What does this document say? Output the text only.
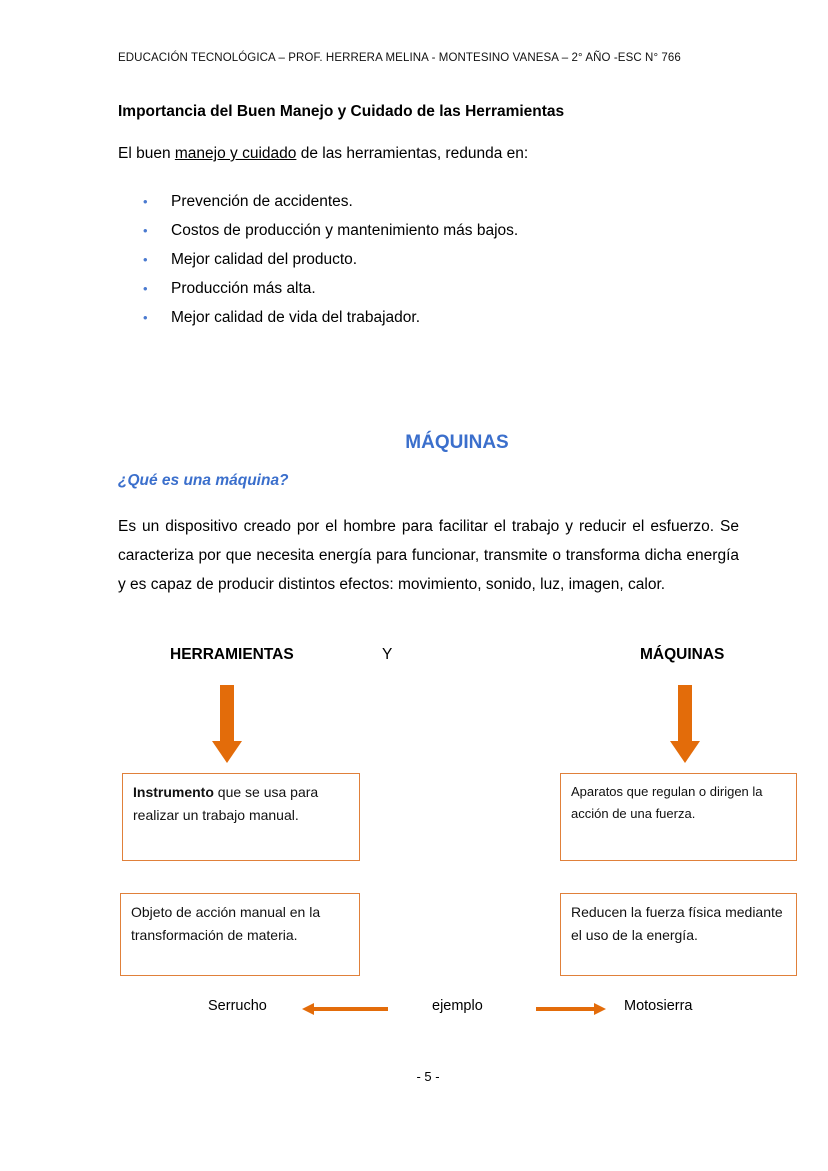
EDUCACIÓN TECNOLÓGICA – PROF. HERRERA MELINA - MONTESINO VANESA – 2° AÑO -ESC N° 766
Importancia del Buen Manejo y Cuidado de las Herramientas
El buen manejo y cuidado de las herramientas, redunda en:
•	Prevención de accidentes.
•	Costos de producción y mantenimiento más bajos.
•	Mejor calidad del producto.
•	Producción más alta.
•	Mejor calidad de vida del trabajador.
MÁQUINAS
¿Qué es una máquina?
Es un dispositivo creado por el hombre para facilitar el trabajo y reducir el esfuerzo. Se caracteriza por que necesita energía para funcionar, transmite o transforma dicha energía y es capaz de producir distintos efectos: movimiento, sonido, luz, imagen, calor.
HERRAMIENTAS	Y	MÁQUINAS
Instrumento que se usa para realizar un trabajo manual.
Aparatos que regulan o dirigen la acción de una fuerza.
Objeto de acción manual en la transformación de materia.
Reducen la fuerza física mediante el uso de la energía.
Serrucho	ejemplo	Motosierra
- 5 -
